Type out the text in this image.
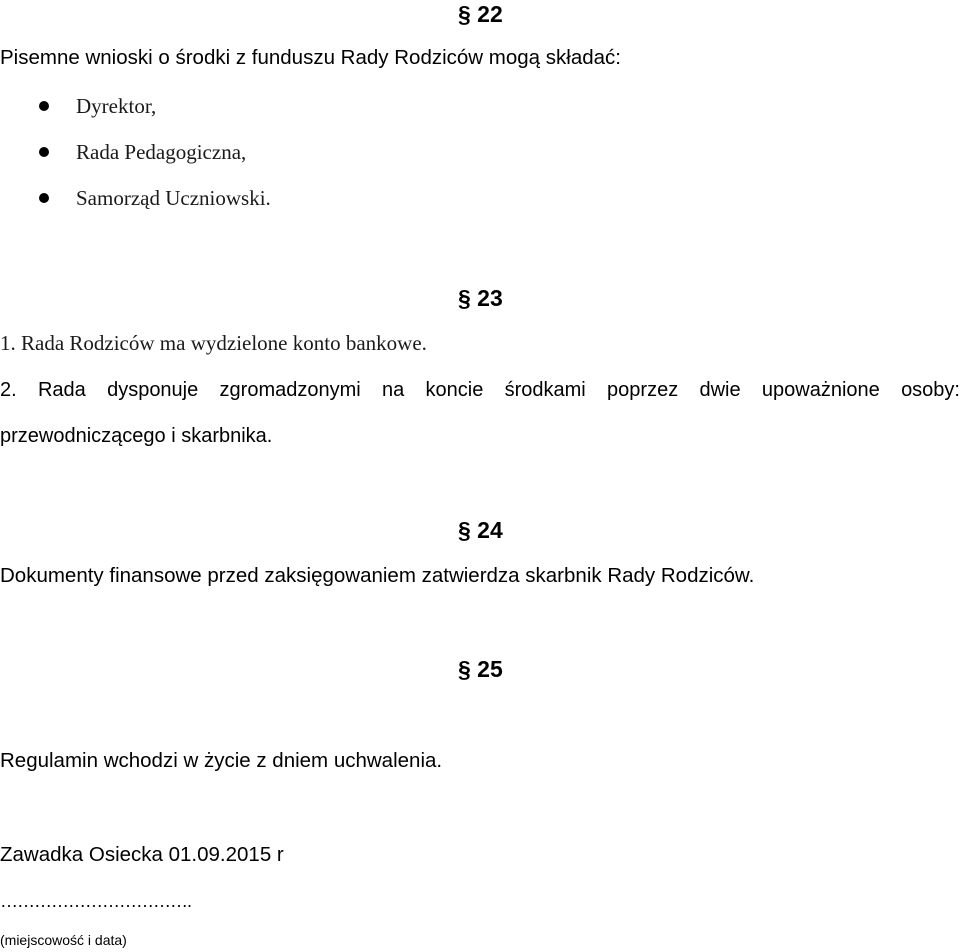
§ 22
Pisemne wnioski o środki z funduszu Rady Rodziców mogą składać:
Dyrektor,
Rada Pedagogiczna,
Samorząd Uczniowski.
§ 23
1. Rada Rodziców ma wydzielone konto bankowe.
2. Rada dysponuje zgromadzonymi na koncie środkami poprzez dwie upoważnione osoby:
przewodniczącego i skarbnika.
§ 24
Dokumenty finansowe przed zaksięgowaniem zatwierdza skarbnik Rady Rodziców.
§ 25
Regulamin wchodzi w życie z dniem uchwalenia.
Zawadka Osiecka 01.09.2015 r
…………………………….
(miejscowość i data)
